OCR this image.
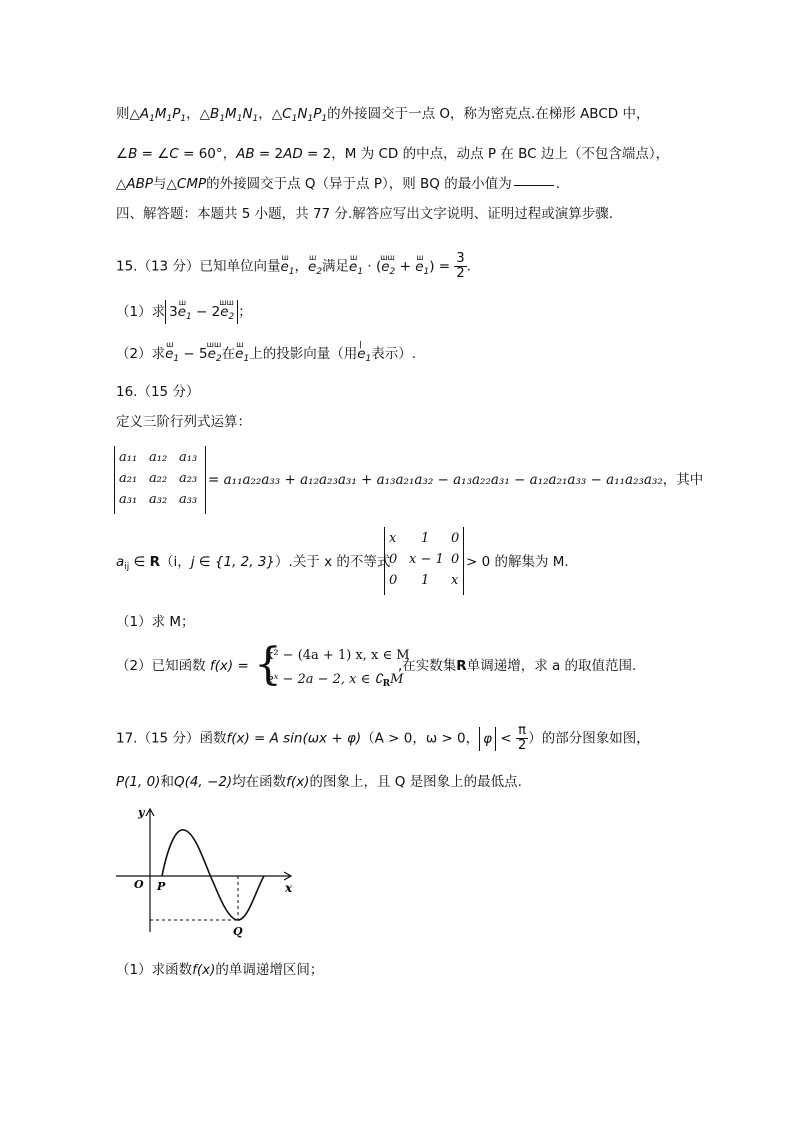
则$\triangle A_1M_1P_1$，$\triangle B_1M_1N_1$，$\triangle C_1N_1P_1$的外接圆交于一点 O，称为密克点.在梯形 ABCD 中，
∠B = ∠C = 60°，AB = 2AD = 2，M 为 CD 的中点，动点 P 在 BC 边上（不包含端点），
△ABP与△CMP的外接圆交于点 Q（异于点 P），则 BQ 的最小值为	.
四、解答题：本题共 5 小题，共 77 分.解答应写出文字说明、证明过程或演算步骤.
15.（13 分）已知单位向量ш $e_1$，ш $e_2$满足ш $e_1 \cdot (шш$ $e_2 + ш$ $e_1) = \frac{3}{2}$ .
（1）求 3ш $e_1 - 2шш$ $e_2$ ；
（2）求ш $e_1 - 5шш$ $e_2$在ш $e_1$上的投影向量（用ǀ $e_1$表示）.
16.（15 分）
定义三阶行列式运算：
a₁₁ a₁₂ a₁₃
a₂₁ a₂₂ a₂₃
a₃₁ a₃₂ a₃₃
= a₁₁a₂₂a₃₃ + a₁₂a₂₃a₃₁ + a₁₃a₂₁a₃₂ − a₁₃a₂₂a₃₁ − a₁₂a₂₁a₃₃ − a₁₁a₂₃a₃₂，其中
$a_{ij}$ ∈ R（i，j ∈ {1, 2, 3}）.关于 x 的不等式
x 1 0
0 x − 1 0
0 1 x
> 0 的解集为 M.
（1）求 M；
（2）已知函数 f(x) = {
x² − (4a + 1) x, x ∈ M
eˣ − 2a − 2, x ∈ $∁_RM$
,在实数集R单调递增，求 a 的取值范围.
17.（15 分）函数f(x) = A sin(ωx + φ)（A > 0，ω > 0， $\varphi < \frac{\pi}{2}$ ）的部分图象如图，
P(1, 0)和Q(4, −2)均在函数f(x)的图象上，且 Q 是图象上的最低点.
y
x
O P
Q
（1）求函数f(x)的单调递增区间；
